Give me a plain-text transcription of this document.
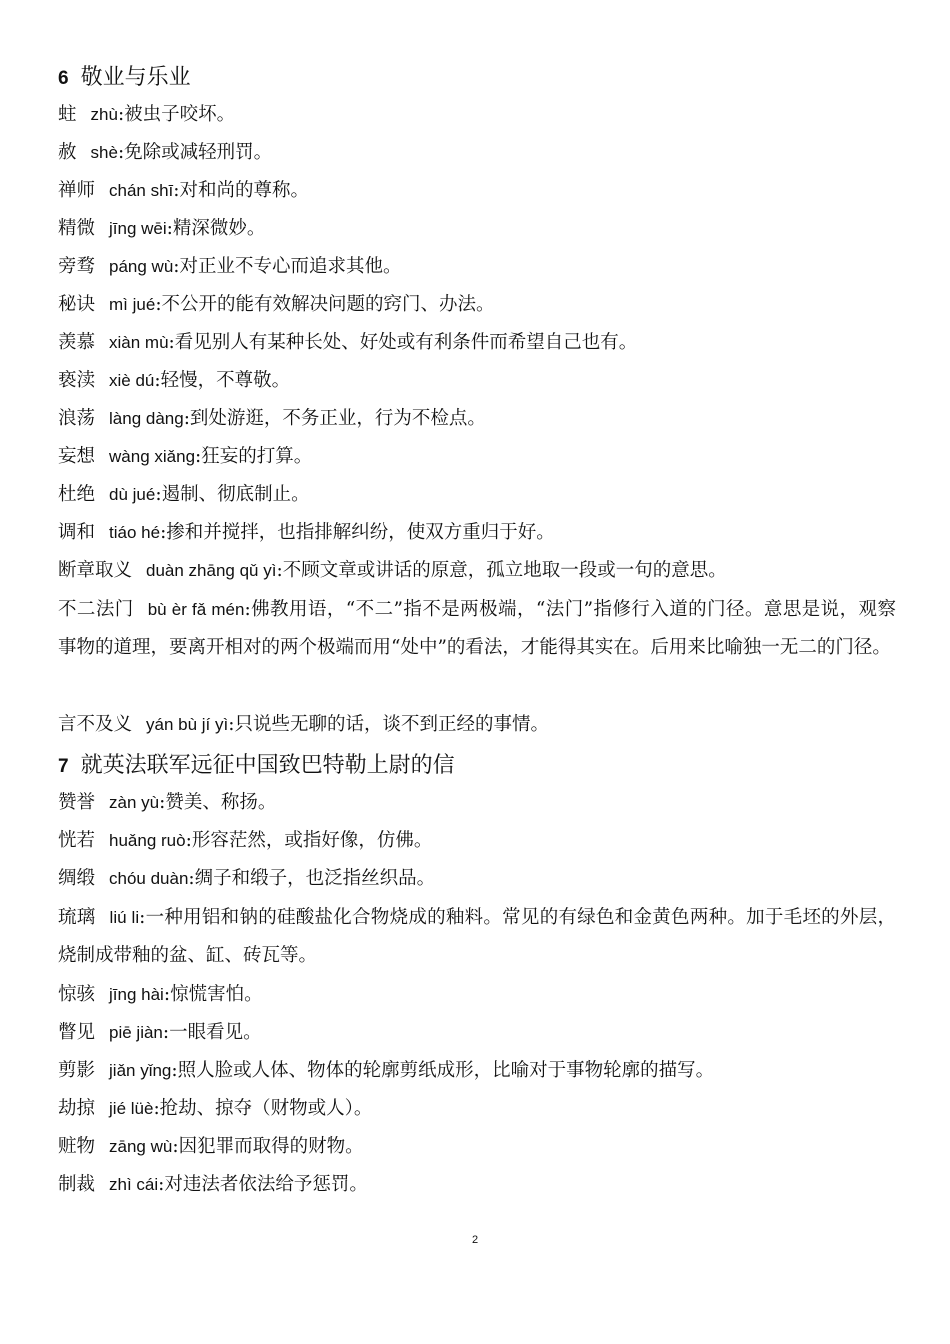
6 敬业与乐业
蛀 zhù:被虫子咬坏。
赦 shè:免除或减轻刑罚。
禅师 chán shī:对和尚的尊称。
精微 jīng wēi:精深微妙。
旁骛 páng wù:对正业不专心而追求其他。
秘诀 mì jué:不公开的能有效解决问题的窍门、办法。
羡慕 xiàn mù:看见别人有某种长处、好处或有利条件而希望自己也有。
亵渎 xiè dú:轻慢，不尊敬。
浪荡 làng dàng:到处游逛，不务正业，行为不检点。
妄想 wàng xiǎng:狂妄的打算。
杜绝 dù jué:遏制、彻底制止。
调和 tiáo hé:掺和并搅拌，也指排解纠纷，使双方重归于好。
断章取义 duàn zhāng qǔ yì:不顾文章或讲话的原意，孤立地取一段或一句的意思。
不二法门 bù èr fǎ mén:佛教用语，“不二”指不是两极端，“法门”指修行入道的门径。意思是说，观察事物的道理，要离开相对的两个极端而用“处中”的看法，才能得其实在。后用来比喻独一无二的门径。
言不及义 yán bù jí yì:只说些无聊的话，谈不到正经的事情。
7 就英法联军远征中国致巴特勒上尉的信
赞誉 zàn yù:赞美、称扬。
恍若 huǎng ruò:形容茫然，或指好像，仿佛。
绸缎 chóu duàn:绸子和缎子，也泛指丝织品。
琉璃 liú li:一种用铝和钠的硅酸盐化合物烧成的釉料。常见的有绿色和金黄色两种。加于毛坯的外层，烧制成带釉的盆、缸、砖瓦等。
惊骇 jīng hài:惊慌害怕。
瞥见 piē jiàn:一眼看见。
剪影 jiǎn yǐng:照人脸或人体、物体的轮廓剪纸成形，比喻对于事物轮廓的描写。
劫掠 jié lüè:抢劫、掠夺（财物或人）。
赃物 zāng wù:因犯罪而取得的财物。
制裁 zhì cái:对违法者依法给予惩罚。
2
